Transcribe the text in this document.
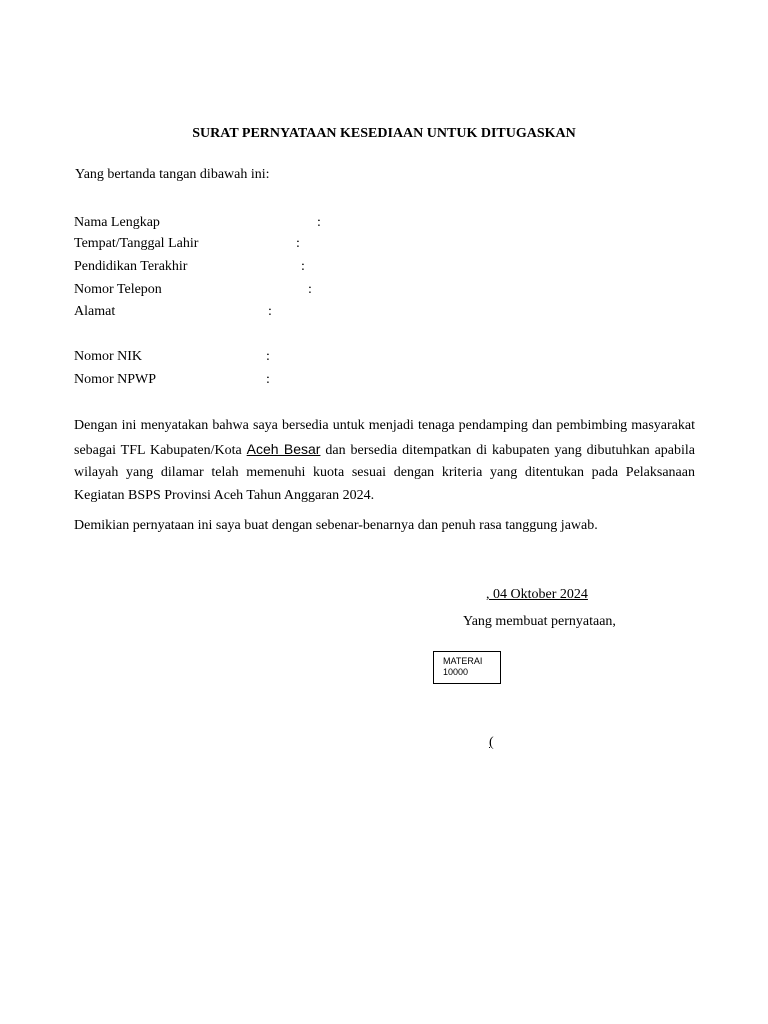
SURAT PERNYATAAN KESEDIAAN UNTUK DITUGASKAN
Yang bertanda tangan dibawah ini:
Nama Lengkap	:
Tempat/Tanggal Lahir	:
Pendidikan Terakhir	:
Nomor Telepon	:
Alamat	:
Nomor NIK	:
Nomor NPWP	:
Dengan ini menyatakan bahwa saya bersedia untuk menjadi tenaga pendamping dan pembimbing masyarakat sebagai TFL Kabupaten/Kota Aceh Besar dan bersedia ditempatkan di kabupaten yang dibutuhkan apabila wilayah yang dilamar telah memenuhi kuota sesuai dengan kriteria yang ditentukan pada Pelaksanaan Kegiatan BSPS Provinsi Aceh Tahun Anggaran 2024.
Demikian pernyataan ini saya buat dengan sebenar-benarnya dan penuh rasa tanggung jawab.
, 04 Oktober 2024
Yang membuat pernyataan,
MATERAI
10000
(
